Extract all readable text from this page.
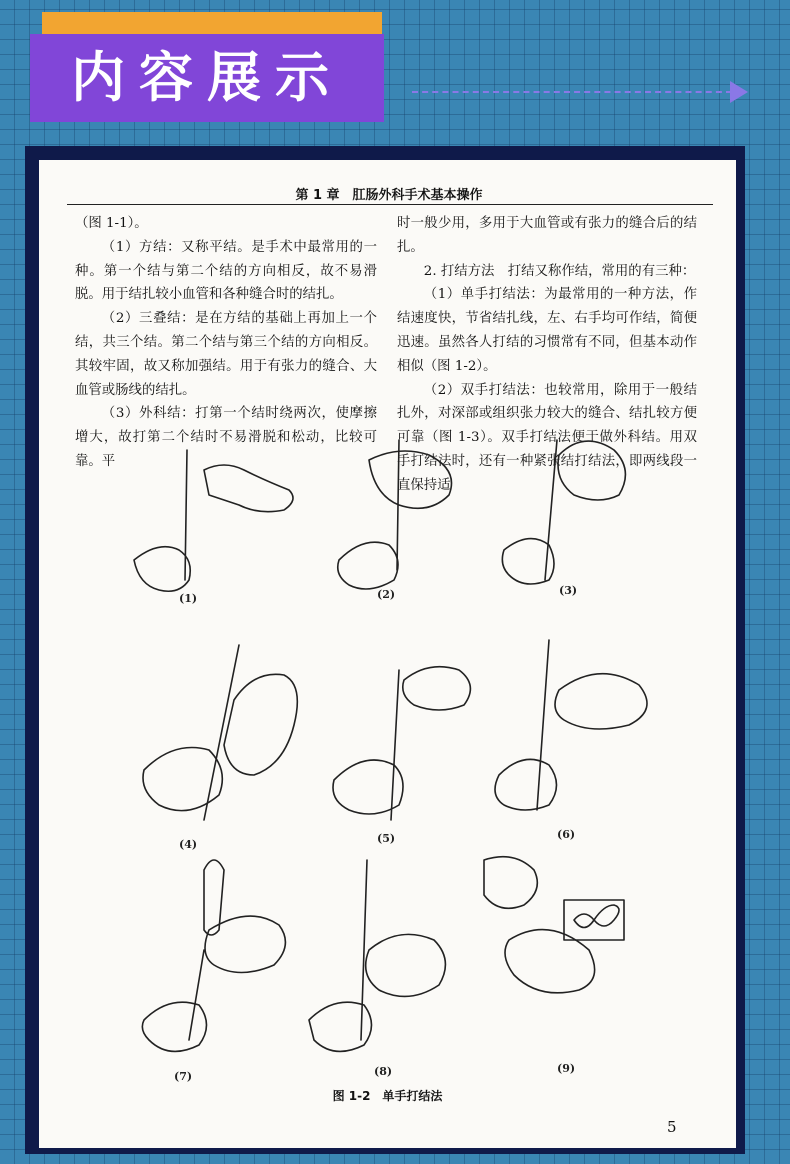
内容展示
第 1 章　肛肠外科手术基本操作

（图 1-1）。

（1）方结：又称平结。是手术中最常用的一种。第一个结与第二个结的方向相反，故不易滑脱。用于结扎较小血管和各种缝合时的结扎。

（2）三叠结：是在方结的基础上再加上一个结，共三个结。第二个结与第三个结的方向相反。其较牢固，故又称加强结。用于有张力的缝合、大血管或肠线的结扎。

（3）外科结：打第一个结时绕两次，使摩擦增大，故打第二个结时不易滑脱和松动，比较可靠。平

时一般少用，多用于大血管或有张力的缝合后的结扎。

2. 打结方法　打结又称作结，常用的有三种：

（1）单手打结法：为最常用的一种方法，作结速度快，节省结扎线，左、右手均可作结，简便迅速。虽然各人打结的习惯常有不同，但基本动作相似（图 1-2）。

（2）双手打结法：也较常用，除用于一般结扎外，对深部或组织张力较大的缝合、结扎较方便可靠（图 1-3）。双手打结法便于做外科结。用双手打结法时，还有一种紧张结打结法，即两线段一直保持适

(1)	(2)	(3)
(4)	(5)	(6)
(7)	(8)	(9)
图 1-2　单手打结法
5
